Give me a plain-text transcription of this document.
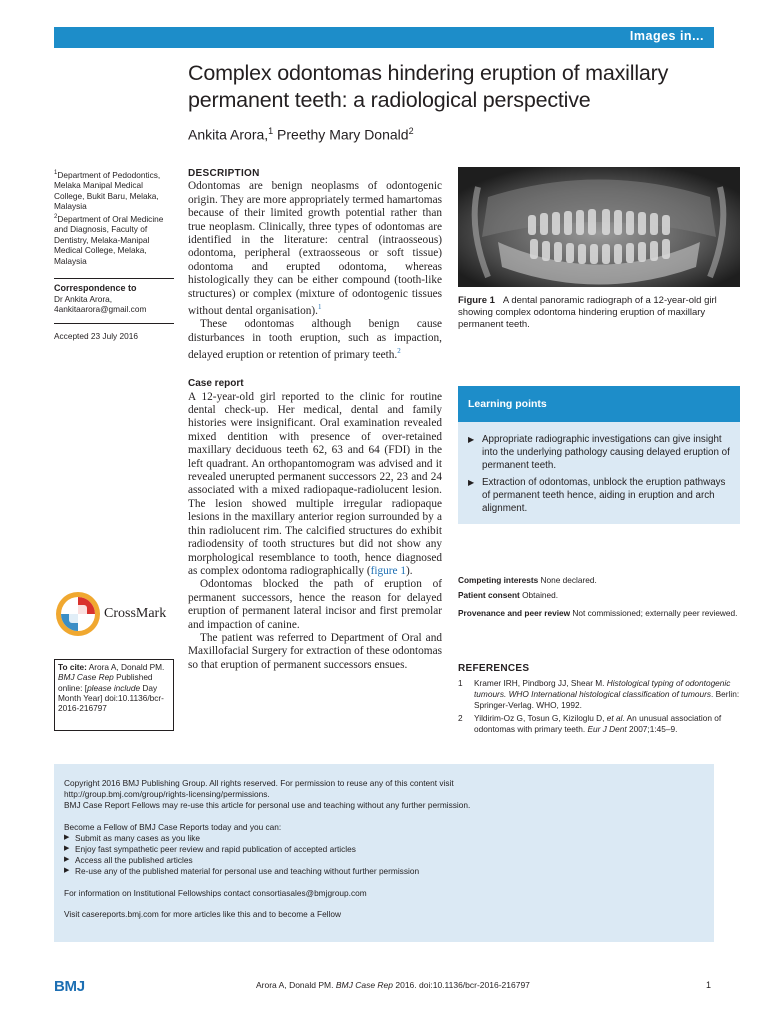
Images in...
Complex odontomas hindering eruption of maxillary
permanent teeth: a radiological perspective
Ankita Arora,$^1$ Preethy Mary Donald$^2$

$^1$Department of Pedodontics, Melaka Manipal Medical College, Bukit Baru, Melaka, Malaysia

$^2$Department of Oral Medicine and Diagnosis, Faculty of Dentistry, Melaka-Manipal Medical College, Melaka, Malaysia

Correspondence to

Dr Ankita Arora,

4ankitaarora@gmail.com

Accepted 23 July 2016
CrossMark
To cite: Arora A, Donald PM. BMJ Case Rep Published online: [please include Day Month Year] doi:10.1136/bcr-2016-216797

DESCRIPTION

Odontomas are benign neoplasms of odontogenic origin. They are more appropriately termed hamartomas because of their limited growth potential rather than true neoplasm. Clinically, three types of odontomas are identified in the literature: central (intraosseous) odontoma, peripheral (extraosseous or soft tissue) odontoma and erupted odontoma, whereas histologically they can be either compound (tooth-like structures) or complex (mixture of odontogenic tissues without dental organisation).$^1$

These odontomas although benign cause disturbances in tooth eruption, such as impaction, delayed eruption or retention of primary teeth.$^2$

Case report

A 12-year-old girl reported to the clinic for routine dental check-up. Her medical, dental and family histories were insignificant. Oral examination revealed mixed dentition with presence of over-retained maxillary deciduous teeth 62, 63 and 64 (FDI) in the left quadrant. An orthopantomogram was advised and it revealed unerupted permanent successors 22, 23 and 24 associated with a mixed radiopaque-radiolucent lesion. The lesion showed multiple irregular radiopaque lesions in the maxillary anterior region surrounded by a thin radiolucent rim. The calcified structures do exhibit radiodensity of tooth structures but did not show any morphological resemblance to tooth, hence diagnosed as complex odontoma radiographically (figure 1).

Odontomas blocked the path of eruption of permanent successors, hence the reason for delayed eruption of permanent lateral incisor and first premolar and impaction of canine.

The patient was referred to Department of Oral and Maxillofacial Surgery for extraction of these odontomas so that eruption of permanent successors ensues.

Figure 1 A dental panoramic radiograph of a 12-year-old girl showing complex odontoma hindering eruption of maxillary permanent teeth.
Learning points
▶ Appropriate radiographic investigations can give insight into the underlying pathology causing delayed eruption of permanent teeth.
▶ Extraction of odontomas, unblock the eruption pathways of permanent teeth hence, aiding in eruption and arch alignment.
Competing interests None declared.
Patient consent Obtained.
Provenance and peer review Not commissioned; externally peer reviewed.
REFERENCES
1 Kramer IRH, Pindborg JJ, Shear M. Histological typing of odontogenic tumours. WHO International histological classification of tumours. Berlin: Springer-Verlag. WHO, 1992.
2 Yildirim-Oz G, Tosun G, Kiziloglu D, et al. An unusual association of odontomas with primary teeth. Eur J Dent 2007;1:45–9.
Copyright 2016 BMJ Publishing Group. All rights reserved. For permission to reuse any of this content visit
http://group.bmj.com/group/rights-licensing/permissions.
BMJ Case Report Fellows may re-use this article for personal use and teaching without any further permission.
Become a Fellow of BMJ Case Reports today and you can:
▶ Submit as many cases as you like
▶ Enjoy fast sympathetic peer review and rapid publication of accepted articles
▶ Access all the published articles
▶ Re-use any of the published material for personal use and teaching without further permission
For information on Institutional Fellowships contact consortiasales@bmjgroup.com
Visit casereports.bmj.com for more articles like this and to become a Fellow
BMJ	Arora A, Donald PM. BMJ Case Rep 2016. doi:10.1136/bcr-2016-216797	1
